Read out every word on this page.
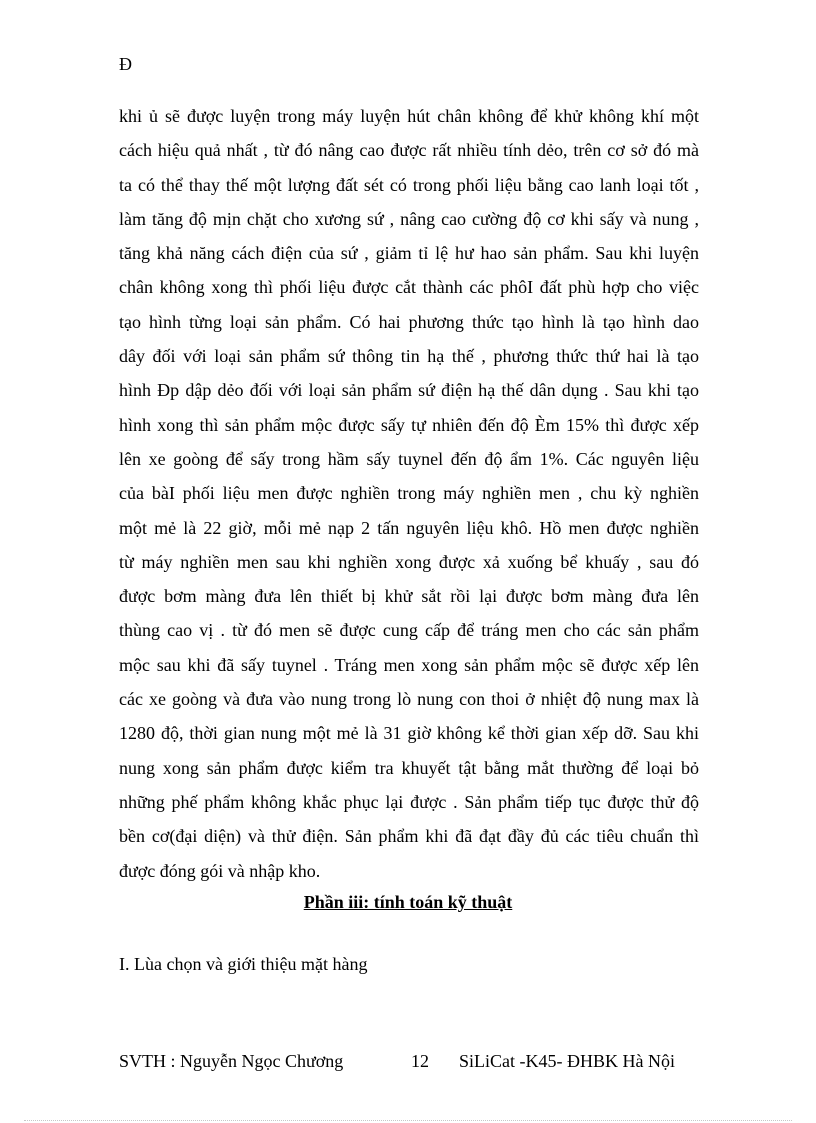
Đ
khi ủ sẽ được luyện trong máy luyện hút chân không để khử không khí một
cách hiệu quả nhất , từ đó nâng cao được rất nhiều tính dẻo, trên cơ sở đó mà
ta có thể thay thế một lượng đất sét có trong phối liệu bằng cao lanh loại tốt ,
làm tăng độ mịn chặt cho xương sứ , nâng cao cường độ cơ khi sấy và nung ,
tăng khả năng cách điện của sứ , giảm tỉ lệ hư hao sản phẩm. Sau khi luyện
chân không xong thì phối liệu được cắt thành các phôI đất phù hợp cho việc
tạo hình từng loại sản phẩm. Có hai phương thức tạo hình là tạo hình dao
dây đối với loại sản phẩm sứ thông tin hạ thế , phương thức thứ hai là tạo
hình Ðp dập dẻo đối với loại sản phẩm sứ điện hạ thế dân dụng . Sau khi tạo
hình xong thì sản phẩm mộc được sấy tự nhiên đến độ Èm 15% thì được xếp
lên xe goòng để sấy trong hầm sấy tuynel đến độ ẩm 1%. Các nguyên liệu
của bàI phối liệu men được nghiền trong máy nghiền men , chu kỳ nghiền
một mẻ là 22 giờ, mỗi mẻ nạp 2 tấn nguyên liệu khô. Hồ men được nghiền
từ máy nghiền men sau khi nghiền xong được xả xuống bể khuấy , sau đó
được bơm màng đưa lên thiết bị khử sắt rồi lại được bơm màng đưa lên
thùng cao vị . từ đó men sẽ được cung cấp để tráng men cho các sản phẩm
mộc sau khi đã sấy tuynel . Tráng men xong sản phẩm mộc sẽ được xếp lên
các xe goòng và đưa vào nung trong lò nung con thoi ở nhiệt độ nung max là
1280 độ, thời gian nung một mẻ là 31 giờ không kể thời gian xếp dỡ. Sau khi
nung xong sản phẩm được kiểm tra khuyết tật bằng mắt thường để loại bỏ
những phế phẩm không khắc phục lại được . Sản phẩm tiếp tục được thử độ
bền cơ(đại diện) và thử điện. Sản phẩm khi đã đạt đầy đủ các tiêu chuẩn thì
được đóng gói và nhập kho.
Phần iii: tính toán kỹ thuật
I. Lùa chọn và giới thiệu mặt hàng
SVTH : Nguyễn Ngọc Chương	12 SiLiCat -K45- ĐHBK Hà Nội
